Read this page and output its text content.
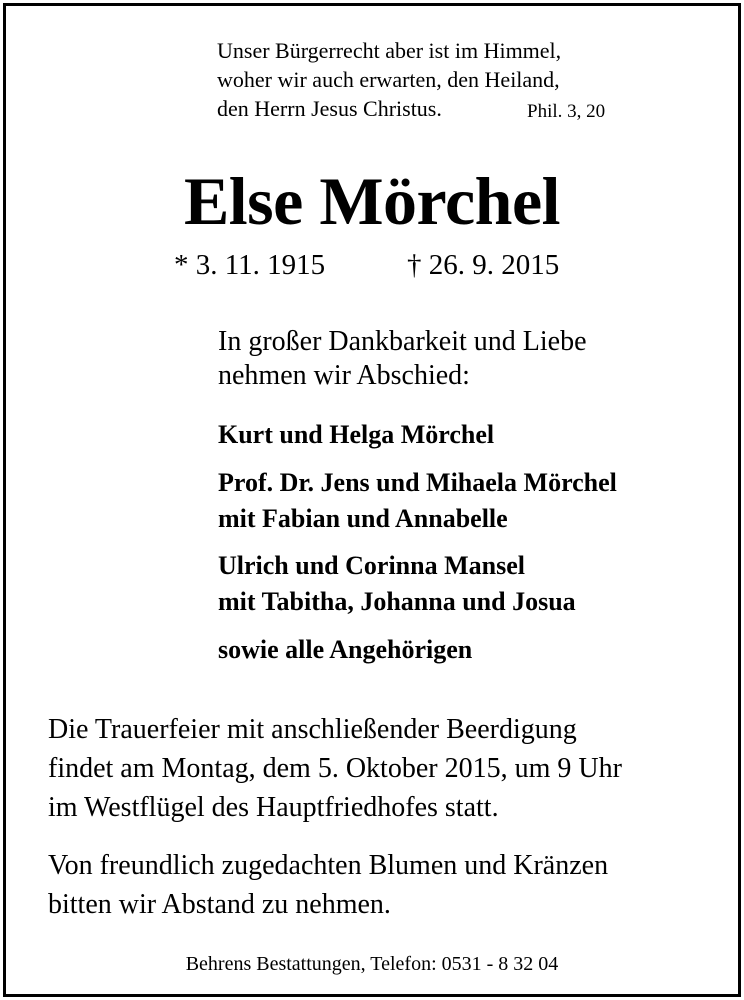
Unser Bürgerrecht aber ist im Himmel,
woher wir auch erwarten, den Heiland,
den Herrn Jesus Christus.	Phil. 3, 20
Else Mörchel
* 3. 11. 1915	† 26. 9. 2015
In großer Dankbarkeit und Liebe
nehmen wir Abschied:
Kurt und Helga Mörchel
Prof. Dr. Jens und Mihaela Mörchel
mit Fabian und Annabelle
Ulrich und Corinna Mansel
mit Tabitha, Johanna und Josua
sowie alle Angehörigen
Die Trauerfeier mit anschließender Beerdigung
findet am Montag, dem 5. Oktober 2015, um 9 Uhr
im Westflügel des Hauptfriedhofes statt.
Von freundlich zugedachten Blumen und Kränzen
bitten wir Abstand zu nehmen.
Behrens Bestattungen, Telefon: 0531 - 8 32 04
